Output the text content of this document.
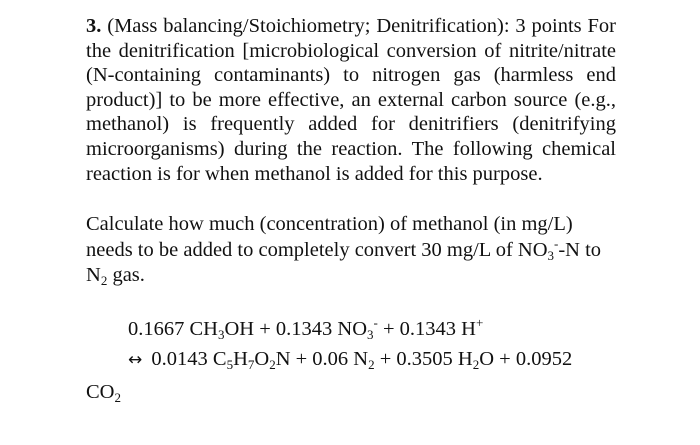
3. (Mass balancing/Stoichiometry; Denitrification): 3 points For the denitrification [microbiological conversion of nitrite/nitrate (N-containing contaminants) to nitrogen gas (harmless end product)] to be more effective, an external carbon source (e.g., methanol) is frequently added for denitrifiers (denitrifying microorganisms) during the reaction. The following chemical reaction is for when methanol is added for this purpose.

Calculate how much (concentration) of methanol (in mg/L) needs to be added to completely convert 30 mg/L of $NO_3^--N$ to $N_2$ gas.

0.1667 $CH_3OH + 0.1343$ $NO_3^- + 0.1343$ H+
↔ 0.0143 $C_5H_7O_2N + 0.06$ $N_2 + 0.3505$ $H_2O + 0.0952$
$CO_2$
